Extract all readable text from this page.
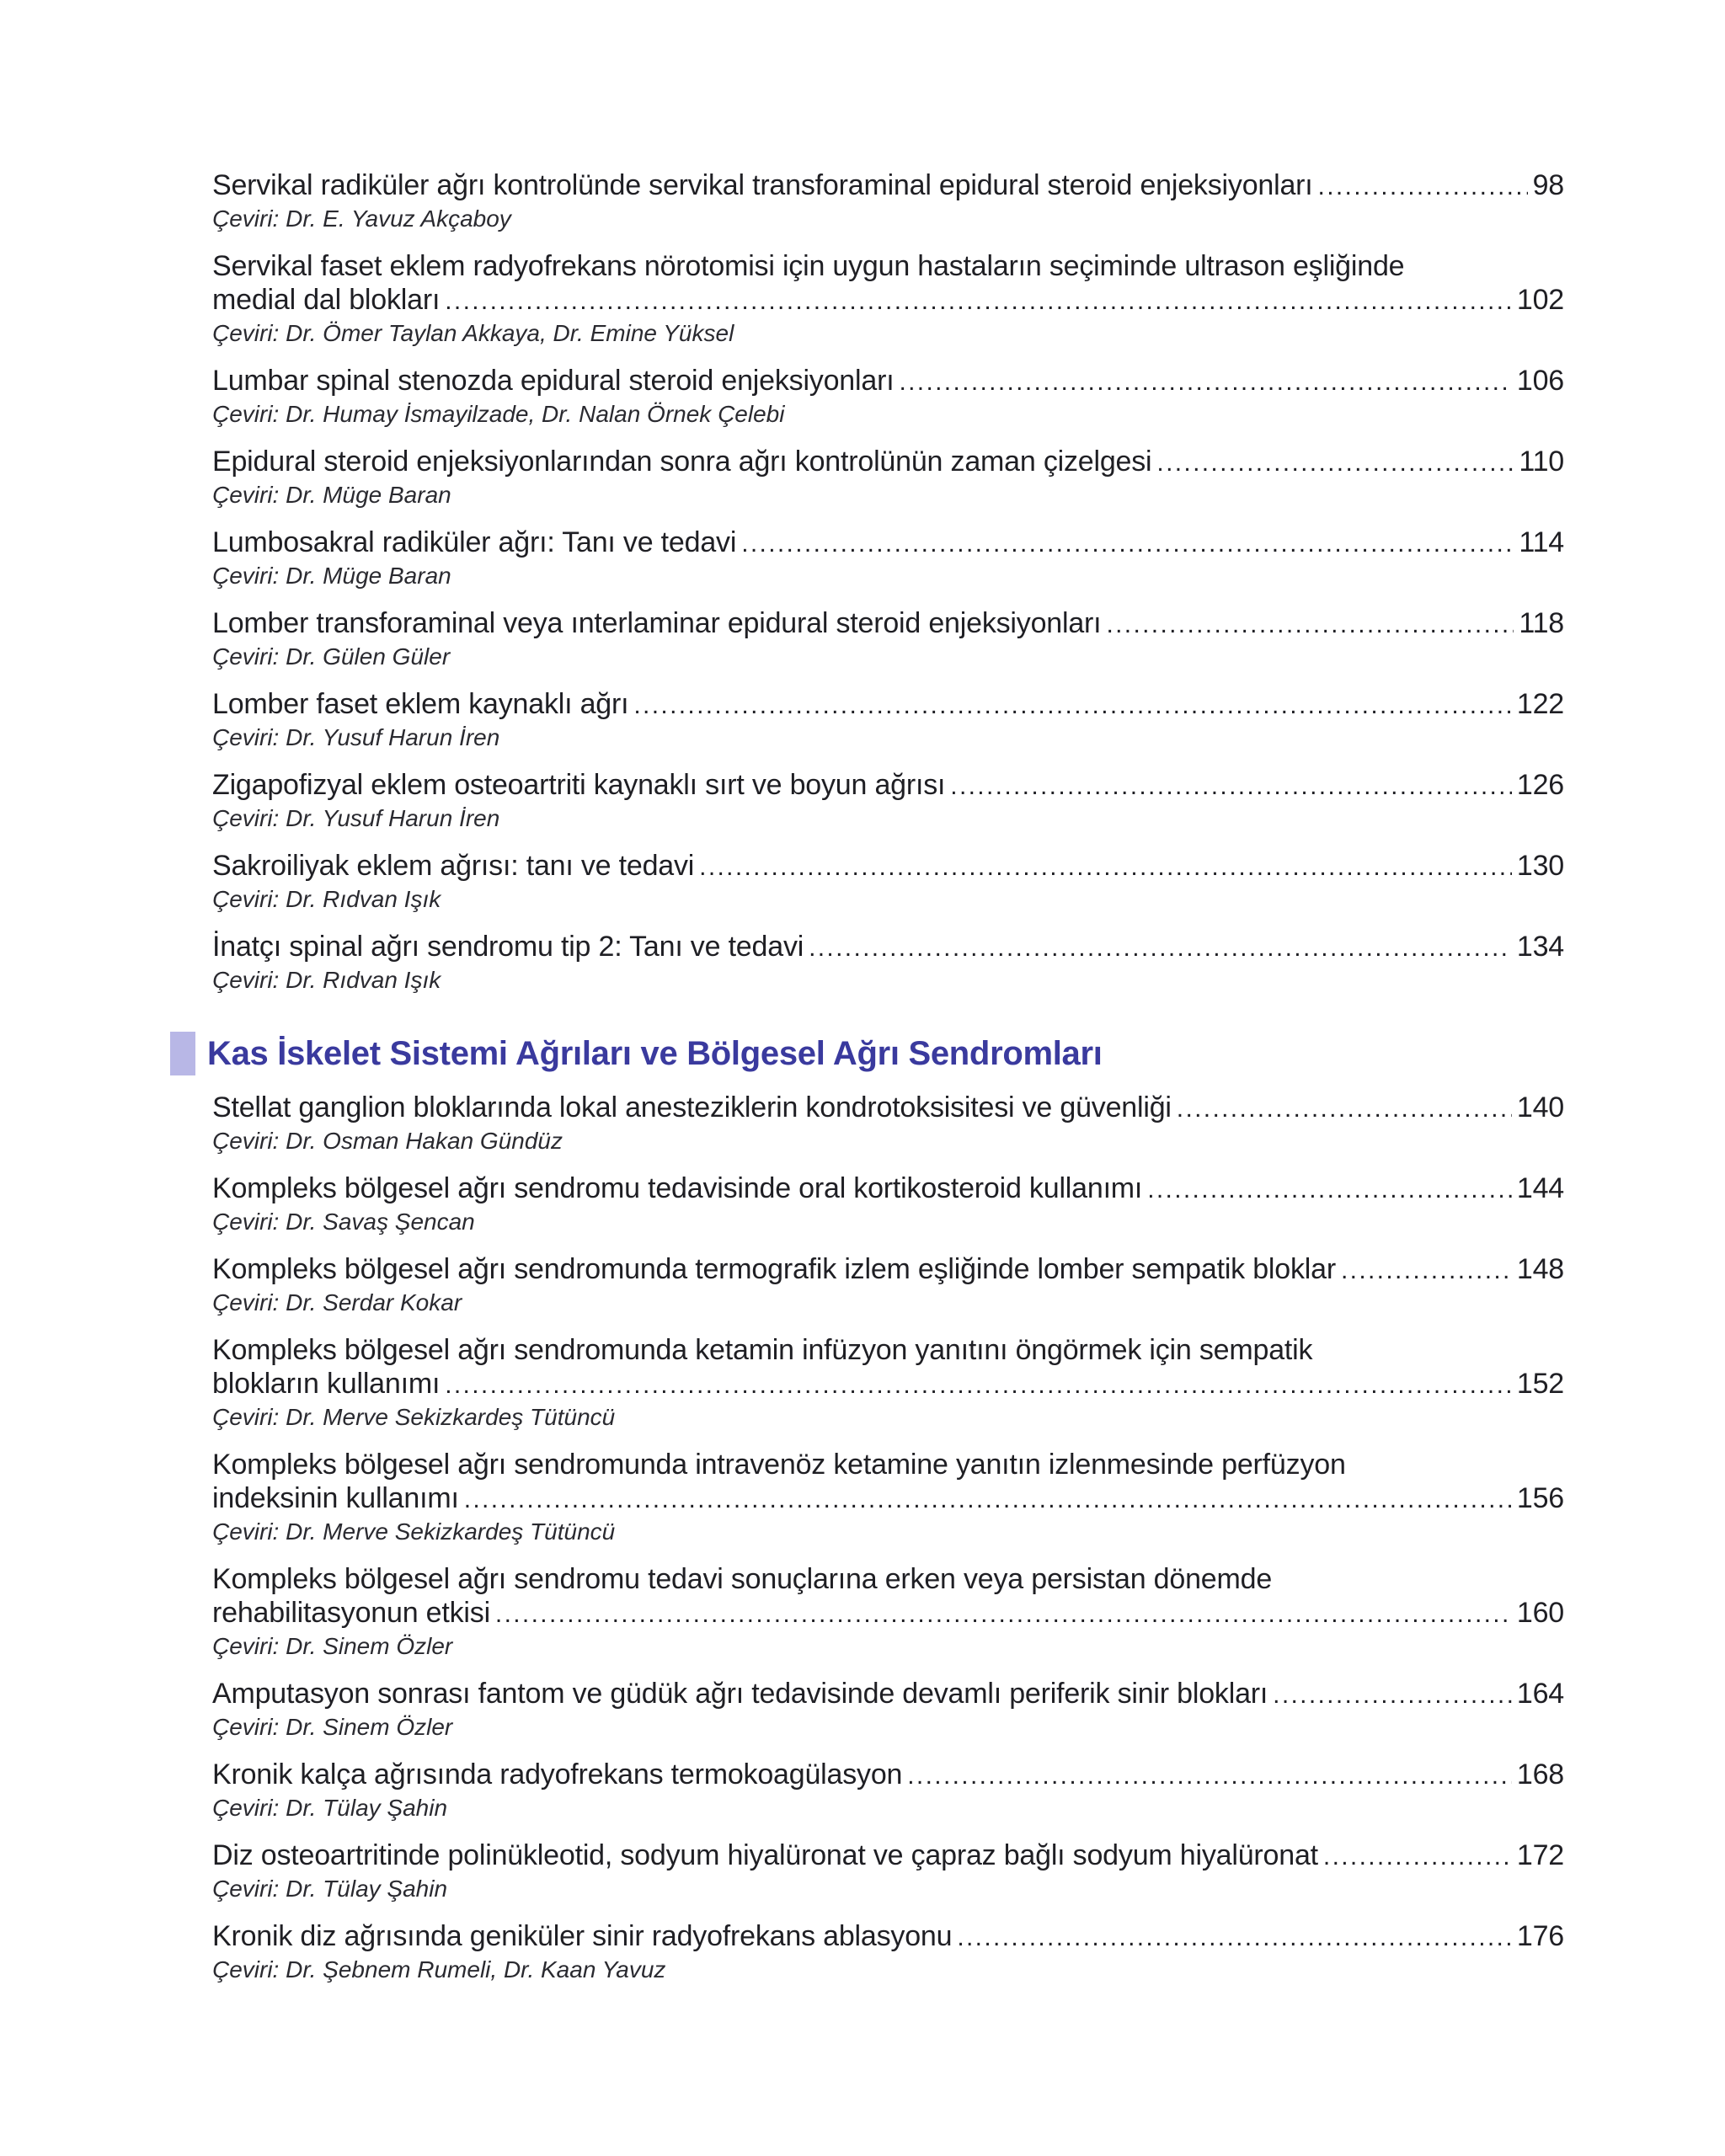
Servikal radiküler ağrı kontrolünde servikal transforaminal epidural steroid enjeksiyonları . . .	98
Çeviri: Dr. E. Yavuz Akçaboy
Servikal faset eklem radyofrekans nörotomisi için uygun hastaların seçiminde ultrason eşliğinde
medial dal blokları . . .	102
Çeviri: Dr. Ömer Taylan Akkaya, Dr. Emine Yüksel
Lumbar spinal stenozda epidural steroid enjeksiyonları . . .	106
Çeviri: Dr. Humay İsmayilzade, Dr. Nalan Örnek Çelebi
Epidural steroid enjeksiyonlarından sonra ağrı kontrolünün zaman çizelgesi . . .	110
Çeviri: Dr. Müge Baran
Lumbosakral radiküler ağrı: Tanı ve tedavi . . .	114
Çeviri: Dr. Müge Baran
Lomber transforaminal veya ınterlaminar epidural steroid enjeksiyonları . . .	118
Çeviri: Dr. Gülen Güler
Lomber faset eklem kaynaklı ağrı . . .	122
Çeviri: Dr. Yusuf Harun İren
Zigapofizyal eklem osteoartriti kaynaklı sırt ve boyun ağrısı . . .	126
Çeviri: Dr. Yusuf Harun İren
Sakroiliyak eklem ağrısı: tanı ve tedavi . . .	130
Çeviri: Dr. Rıdvan Işık
İnatçı spinal ağrı sendromu tip 2: Tanı ve tedavi . . .	134
Çeviri: Dr. Rıdvan Işık
Kas İskelet Sistemi Ağrıları ve Bölgesel Ağrı Sendromları
Stellat ganglion bloklarında lokal anesteziklerin kondrotoksisitesi ve güvenliği . . .	140
Çeviri: Dr. Osman Hakan Gündüz
Kompleks bölgesel ağrı sendromu tedavisinde oral kortikosteroid kullanımı . . .	144
Çeviri: Dr. Savaş Şencan
Kompleks bölgesel ağrı sendromunda termografik izlem eşliğinde lomber sempatik bloklar . . .	148
Çeviri: Dr. Serdar Kokar
Kompleks bölgesel ağrı sendromunda ketamin infüzyon yanıtını öngörmek için sempatik
blokların kullanımı . . .	152
Çeviri: Dr. Merve Sekizkardeş Tütüncü
Kompleks bölgesel ağrı sendromunda intravenöz ketamine yanıtın izlenmesinde perfüzyon
indeksinin kullanımı . . .	156
Çeviri: Dr. Merve Sekizkardeş Tütüncü
Kompleks bölgesel ağrı sendromu tedavi sonuçlarına erken veya persistan dönemde
rehabilitasyonun etkisi . . .	160
Çeviri: Dr. Sinem Özler
Amputasyon sonrası fantom ve güdük ağrı tedavisinde devamlı periferik sinir blokları . . .	164
Çeviri: Dr. Sinem Özler
Kronik kalça ağrısında radyofrekans termokoagülasyon . . .	168
Çeviri: Dr. Tülay Şahin
Diz osteoartritinde polinükleotid, sodyum hiyalüronat ve çapraz bağlı sodyum hiyalüronat . . .	172
Çeviri: Dr. Tülay Şahin
Kronik diz ağrısında geniküler sinir radyofrekans ablasyonu . . .	176
Çeviri: Dr. Şebnem Rumeli, Dr. Kaan Yavuz
